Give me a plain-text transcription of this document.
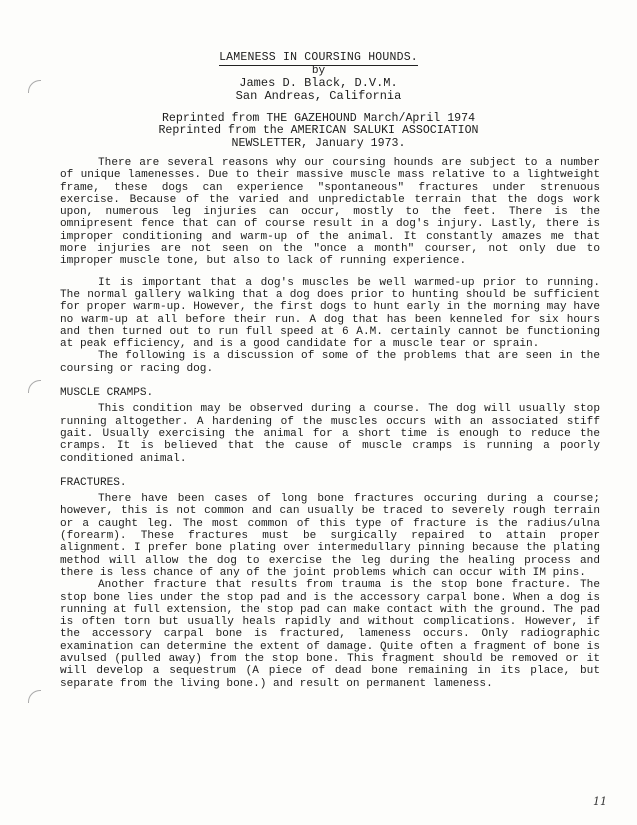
LAMENESS IN COURSING HOUNDS.
by
James D. Black, D.V.M.
San Andreas, California
Reprinted from THE GAZEHOUND March/April 1974
Reprinted from the AMERICAN SALUKI ASSOCIATION
NEWSLETTER, January 1973.

There are several reasons why our coursing hounds are subject to a number of unique lamenesses. Due to their massive muscle mass relative to a lightweight frame, these dogs can experience "spontaneous" fractures under strenuous exercise. Because of the varied and unpredictable terrain that the dogs work upon, numerous leg injuries can occur, mostly to the feet. There is the omnipresent fence that can of course result in a dog's injury. Lastly, there is improper conditioning and warm-up of the animal. It constantly amazes me that more injuries are not seen on the "once a month" courser, not only due to improper muscle tone, but also to lack of running experience.

It is important that a dog's muscles be well warmed-up prior to running. The normal gallery walking that a dog does prior to hunting should be sufficient for proper warm-up. However, the first dogs to hunt early in the morning may have no warm-up at all before their run. A dog that has been kenneled for six hours and then turned out to run full speed at 6 A.M. certainly cannot be functioning at peak efficiency, and is a good candidate for a muscle tear or sprain.

The following is a discussion of some of the problems that are seen in the coursing or racing dog.

MUSCLE CRAMPS.

This condition may be observed during a course. The dog will usually stop running altogether. A hardening of the muscles occurs with an associated stiff gait. Usually exercising the animal for a short time is enough to reduce the cramps. It is believed that the cause of muscle cramps is running a poorly conditioned animal.

FRACTURES.

There have been cases of long bone fractures occuring during a course; however, this is not common and can usually be traced to severely rough terrain or a caught leg. The most common of this type of fracture is the radius/ulna (forearm). These fractures must be surgically repaired to attain proper alignment. I prefer bone plating over intermedullary pinning because the plating method will allow the dog to exercise the leg during the healing process and there is less chance of any of the joint problems which can occur with IM pins.

Another fracture that results from trauma is the stop bone fracture. The stop bone lies under the stop pad and is the accessory carpal bone. When a dog is running at full extension, the stop pad can make contact with the ground. The pad is often torn but usually heals rapidly and without complications. However, if the accessory carpal bone is fractured, lameness occurs. Only radiographic examination can determine the extent of damage. Quite often a fragment of bone is avulsed (pulled away) from the stop bone. This fragment should be removed or it will develop a sequestrum (A piece of dead bone remaining in its place, but separate from the living bone.) and result on permanent lameness.

11
